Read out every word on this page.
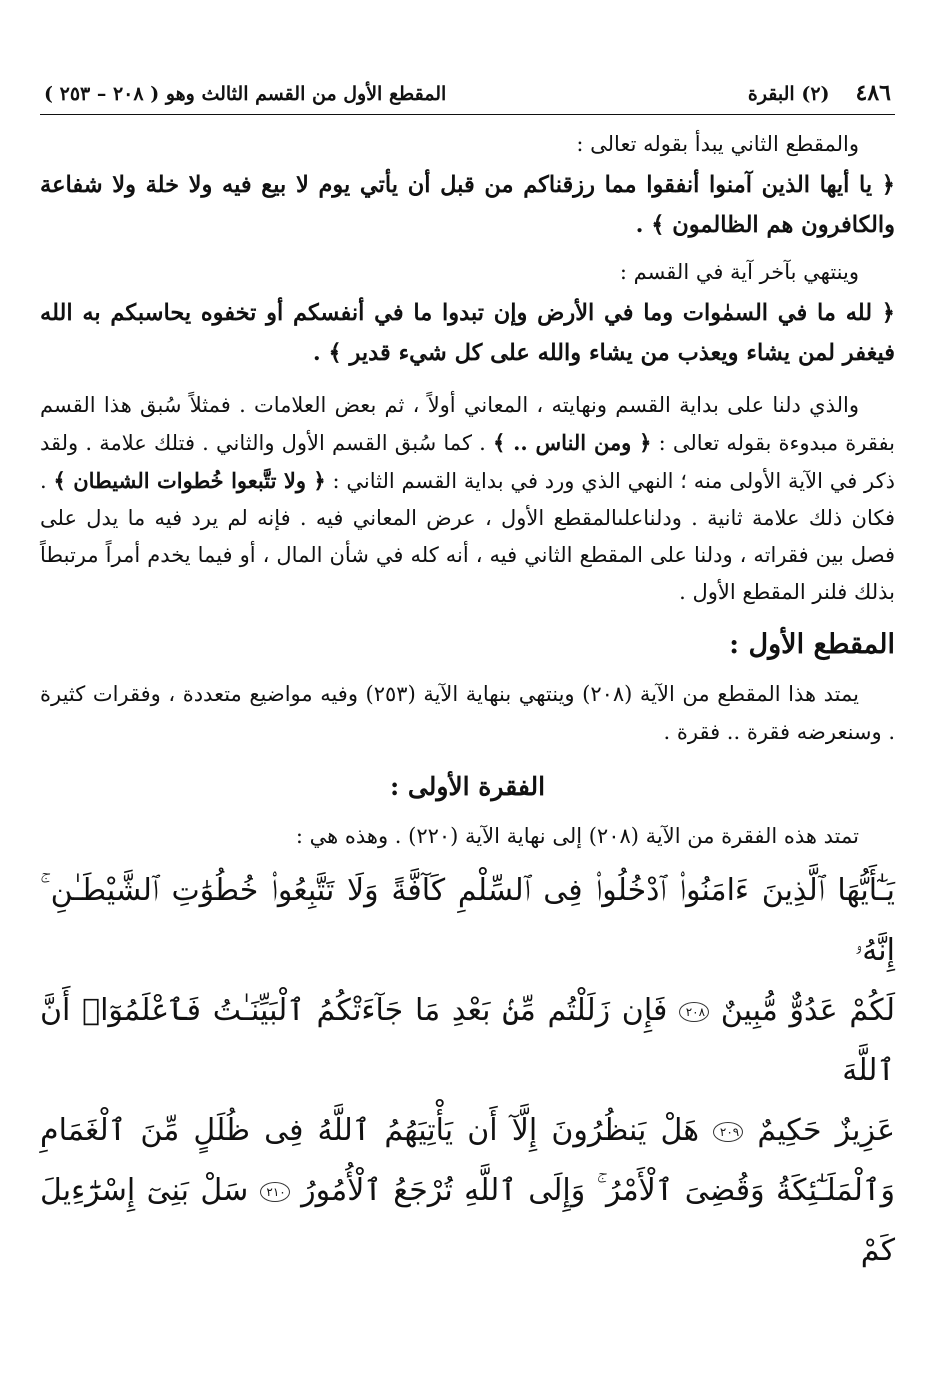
٤٨٦
(٢) البقرة
المقطع الأول من القسم الثالث وهو ( ٢٠٨ – ٢٥٣ )

والمقطع الثاني يبدأ بقوله تعالى :

﴿ يا أيها الذين آمنوا أنفقوا مما رزقناكم من قبل أن يأتي يوم لا بيع فيه ولا خلة ولا شفاعة والكافرون هم الظالمون ﴾ .

وينتهي بآخر آية في القسم :

﴿ لله ما في السمٰوات وما في الأرض وإن تبدوا ما في أنفسكم أو تخفوه يحاسبكم به الله فيغفر لمن يشاء ويعذب من يشاء والله على كل شيء قدير ﴾ .

والذي دلنا على بداية القسم ونهايته ، المعاني أولاً ، ثم بعض العلامات . فمثلاً سُبق هذا القسم بفقرة مبدوءة بقوله تعالى : ﴿ ومن الناس .. ﴾ . كما سُبق القسم الأول والثاني . فتلك علامة . ولقد ذكر في الآية الأولى منه ؛ النهي الذي ورد في بداية القسم الثاني : ﴿ ولا تتَّبعوا خُطوات الشيطان ﴾ . فكان ذلك علامة ثانية . ودلناعلىالمقطع الأول ، عرض المعاني فيه . فإنه لم يرد فيه ما يدل على فصل بين فقراته ، ودلنا على المقطع الثاني فيه ، أنه كله في شأن المال ، أو فيما يخدم أمراً مرتبطاً بذلك فلنر المقطع الأول .

المقطع الأول :

يمتد هذا المقطع من الآية (٢٠٨) وينتهي بنهاية الآية (٢٥٣) وفيه مواضيع متعددة ، وفقرات كثيرة . وسنعرضه فقرة .. فقرة .

الفقرة الأولى :

تمتد هذه الفقرة من الآية (٢٠٨) إلى نهاية الآية (٢٢٠) . وهذه هي :

يَـٰٓأَيُّهَا ٱلَّذِينَ ءَامَنُوا۟ ٱدْخُلُوا۟ فِى ٱلسِّلْمِ كَآفَّةً وَلَا تَتَّبِعُوا۟ خُطُوَٰتِ ٱلشَّيْطَـٰنِ ۚ إِنَّهُۥ
لَكُمْ عَدُوٌّ مُّبِينٌ ٢٠٨ فَإِن زَلَلْتُم مِّنۢ بَعْدِ مَا جَآءَتْكُمُ ٱلْبَيِّنَـٰتُ فَٱعْلَمُوٓا۟ أَنَّ ٱللَّهَ
عَزِيزٌ حَكِيمٌ ٢٠٩ هَلْ يَنظُرُونَ إِلَّآ أَن يَأْتِيَهُمُ ٱللَّهُ فِى ظُلَلٍ مِّنَ ٱلْغَمَامِ
وَٱلْمَلَـٰٓئِكَةُ وَقُضِىَ ٱلْأَمْرُ ۚ وَإِلَى ٱللَّهِ تُرْجَعُ ٱلْأُمُورُ ٢١٠ سَلْ بَنِىٓ إِسْرَٰٓءِيلَ كَمْ
